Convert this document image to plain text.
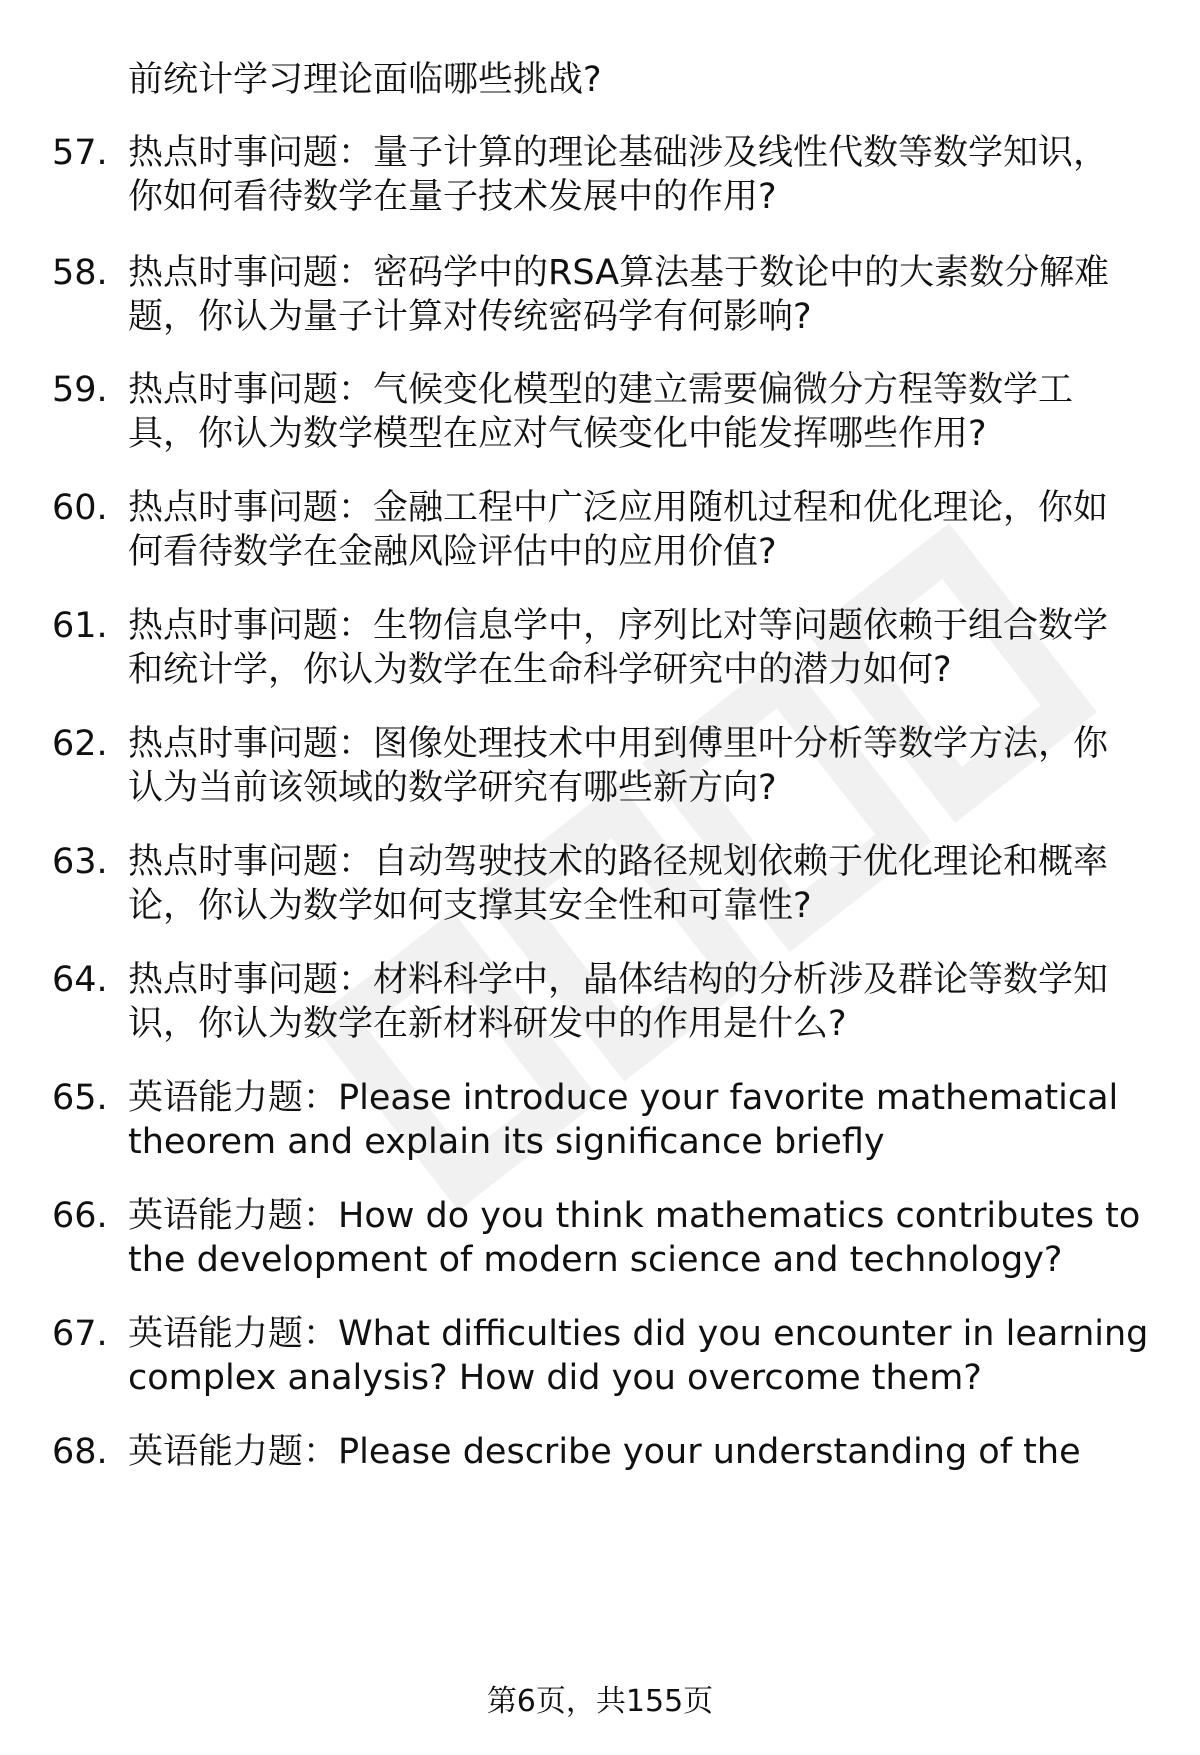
前统计学习理论面临哪些挑战?
57. 热点时事问题：量子计算的理论基础涉及线性代数等数学知识，
你如何看待数学在量子技术发展中的作用?
58. 热点时事问题：密码学中的RSA算法基于数论中的大素数分解难
题，你认为量子计算对传统密码学有何影响?
59. 热点时事问题：气候变化模型的建立需要偏微分方程等数学工
具，你认为数学模型在应对气候变化中能发挥哪些作用?
60. 热点时事问题：金融工程中广泛应用随机过程和优化理论，你如
何看待数学在金融风险评估中的应用价值?
61. 热点时事问题：生物信息学中，序列比对等问题依赖于组合数学
和统计学，你认为数学在生命科学研究中的潜力如何?
62. 热点时事问题：图像处理技术中用到傅里叶分析等数学方法，你
认为当前该领域的数学研究有哪些新方向?
63. 热点时事问题：自动驾驶技术的路径规划依赖于优化理论和概率
论，你认为数学如何支撑其安全性和可靠性?
64. 热点时事问题：材料科学中，晶体结构的分析涉及群论等数学知
识，你认为数学在新材料研发中的作用是什么?
65. 英语能力题：Please introduce your favorite mathematical
theorem and explain its significance briefly
66. 英语能力题：How do you think mathematics contributes to
the development of modern science and technology?
67. 英语能力题：What difficulties did you encounter in learning
complex analysis? How did you overcome them?
68. 英语能力题：Please describe your understanding of the
第6页，共155页
